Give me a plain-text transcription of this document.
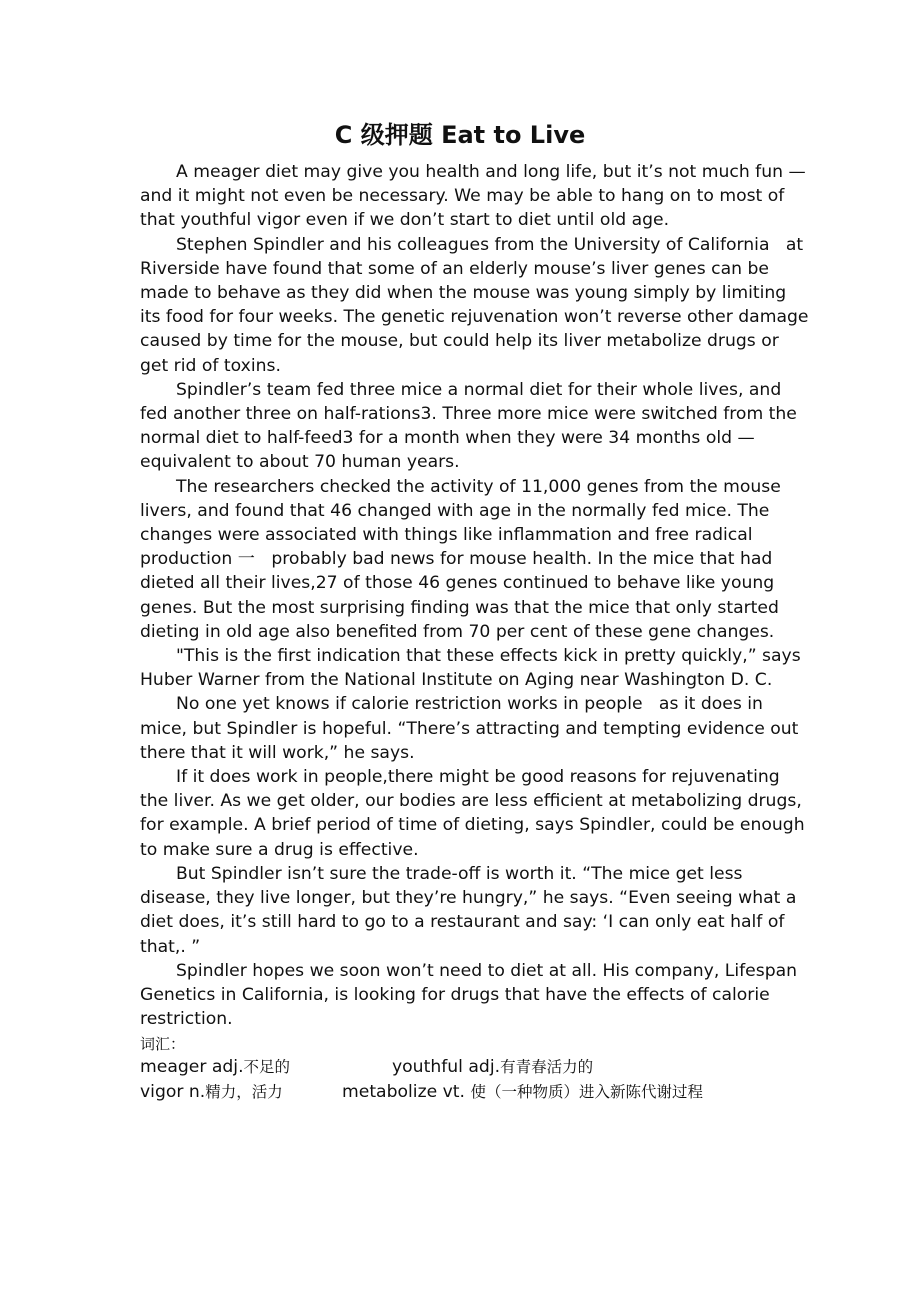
C 级押题 Eat to Live

A meager diet may give you health and long life, but it’s not much fun — and it might not even be necessary. We may be able to hang on to most of that youthful vigor even if we don’t start to diet until old age.

Stephen Spindler and his colleagues from the University of California   at Riverside have found that some of an elderly mouse’s liver genes can be made to behave as they did when the mouse was young simply by limiting its food for four weeks. The genetic rejuvenation won’t reverse other damage caused by time for the mouse, but could help its liver metabolize drugs or get rid of toxins.

Spindler’s team fed three mice a normal diet for their whole lives, and fed another three on half-rations3. Three more mice were switched from the normal diet to half-feed3 for a month when they were 34 months old —   equivalent to about 70 human years.

The researchers checked the activity of 11,000 genes from the mouse livers, and found that 46 changed with age in the normally fed mice. The changes were associated with things like inflammation and free radical production 一   probably bad news for mouse health. In the mice that had dieted all their lives,27 of those 46 genes continued to behave like young genes. But the most surprising finding was that the mice that only started dieting in old age also benefited from 70 per cent of these gene changes.

"This is the first indication that these effects kick in pretty quickly,” says Huber Warner from the National Institute on Aging near Washington D. C.

No one yet knows if calorie restriction works in people   as it does in mice, but Spindler is hopeful. “There’s attracting and tempting evidence out there that it will work,” he says.

If it does work in people,there might be good reasons for rejuvenating the liver. As we get older, our bodies are less efficient at metabolizing drugs, for example. A brief period of time of dieting, says Spindler, could be enough to make sure a drug is effective.

But Spindler isn’t sure the trade-off is worth it. “The mice get less disease, they live longer, but they’re hungry,” he says. “Even seeing what a diet does, it’s still hard to go to a restaurant and say: ‘I can only eat half of that,. ”

Spindler hopes we soon won’t need to diet at all. His company, Lifespan Genetics in California, is looking for drugs that have the effects of calorie restriction.

词汇：
meager adj.不足的	youthful adj.有青春活力的
vigor n.精力，活力	metabolize vt. 使（一种物质）进入新陈代谢过程
